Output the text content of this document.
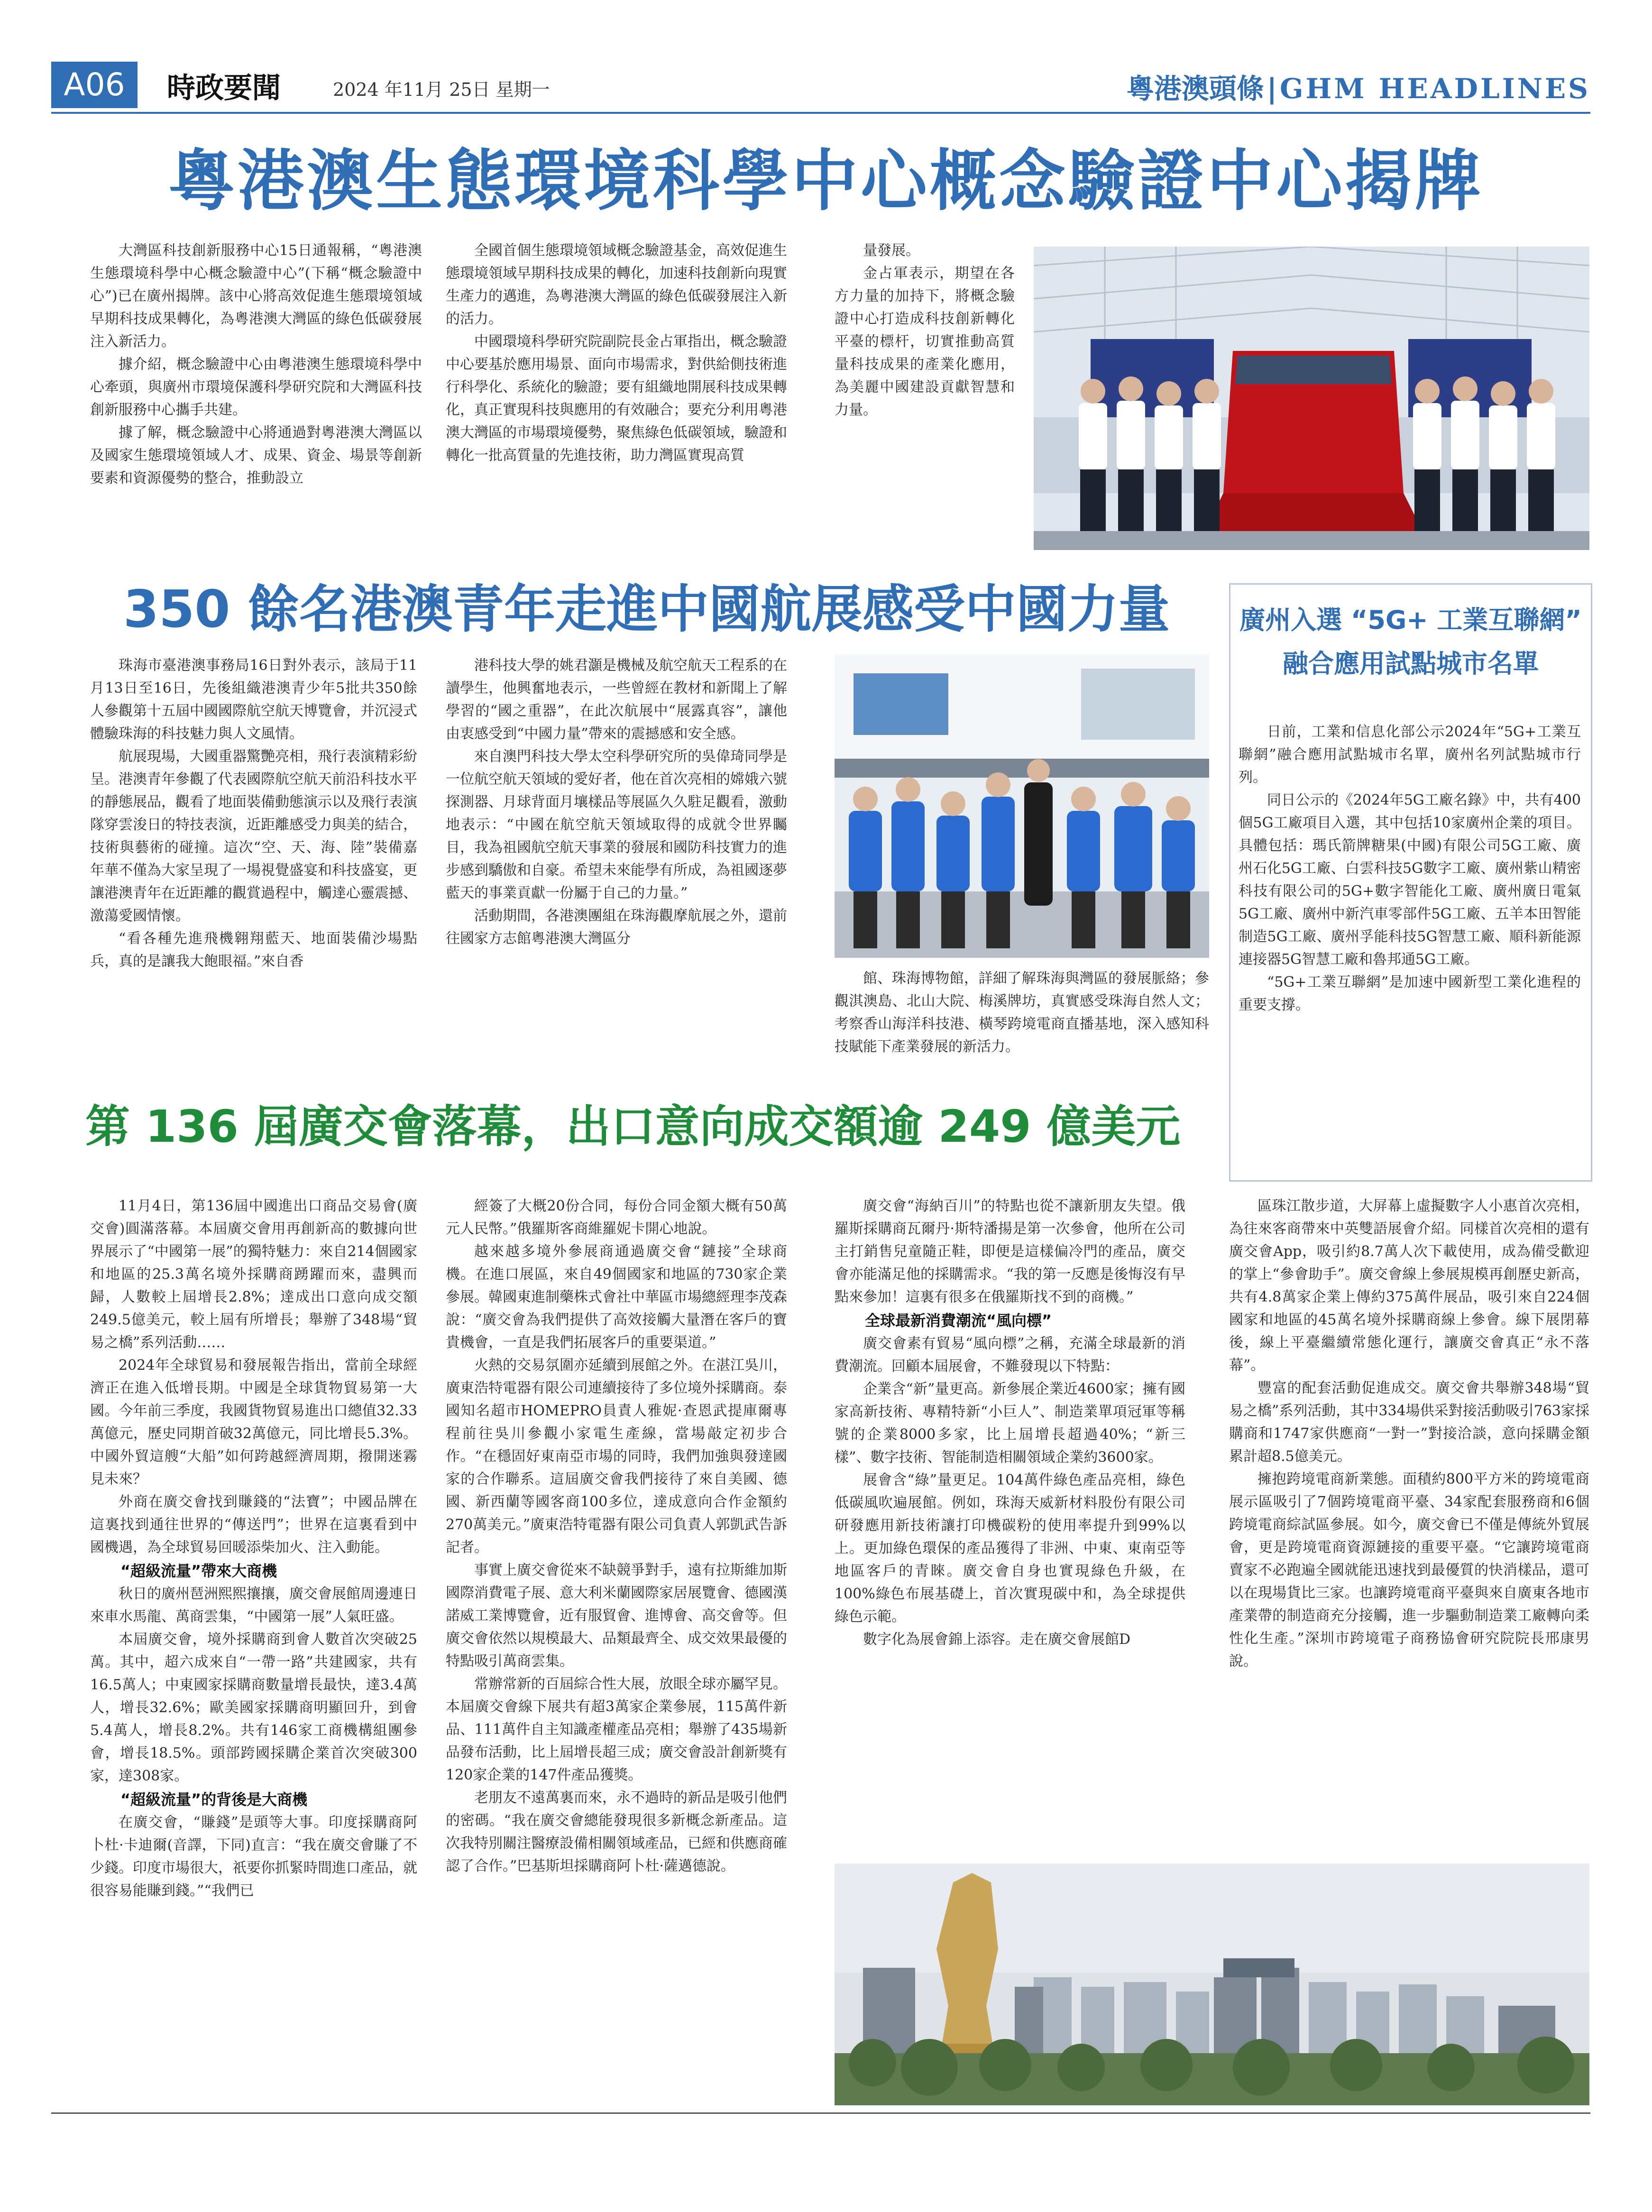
A06	時政要聞	2024 年11月 25日 星期一	粵港澳頭條 | GHM HEADLINES
粵港澳生態環境科學中心概念驗證中心揭牌

大灣區科技創新服務中心15日通報稱，“粵港澳生態環境科學中心概念驗證中心”(下稱“概念驗證中心”)已在廣州揭牌。該中心將高效促進生態環境領域早期科技成果轉化，為粵港澳大灣區的綠色低碳發展注入新活力。

據介紹，概念驗證中心由粵港澳生態環境科學中心牽頭，與廣州市環境保護科學研究院和大灣區科技創新服務中心攜手共建。

據了解，概念驗證中心將通過對粵港澳大灣區以及國家生態環境領域人才、成果、資金、場景等創新要素和資源優勢的整合，推動設立

全國首個生態環境領域概念驗證基金，高效促進生態環境領域早期科技成果的轉化，加速科技創新向現實生產力的邁進，為粵港澳大灣區的綠色低碳發展注入新的活力。

中國環境科學研究院副院長金占軍指出，概念驗證中心要基於應用場景、面向市場需求，對供給側技術進行科學化、系統化的驗證；要有組織地開展科技成果轉化，真正實現科技與應用的有效融合；要充分利用粵港澳大灣區的市場環境優勢，聚焦綠色低碳領域，驗證和轉化一批高質量的先進技術，助力灣區實現高質

量發展。

金占軍表示，期望在各方力量的加持下，將概念驗證中心打造成科技創新轉化平臺的標杆，切實推動高質量科技成果的產業化應用，為美麗中國建設貢獻智慧和力量。

350 餘名港澳青年走進中國航展感受中國力量

珠海市臺港澳事務局16日對外表示，該局于11月13日至16日，先後組織港澳青少年5批共350餘人參觀第十五屆中國國際航空航天博覽會，并沉浸式體驗珠海的科技魅力與人文風情。

航展現場，大國重器驚艷亮相，飛行表演精彩紛呈。港澳青年參觀了代表國際航空航天前沿科技水平的靜態展品，觀看了地面裝備動態演示以及飛行表演隊穿雲浚日的特技表演，近距離感受力與美的結合，技術與藝術的碰撞。這次“空、天、海、陸”裝備嘉年華不僅為大家呈現了一場視覺盛宴和科技盛宴，更讓港澳青年在近距離的觀賞過程中，觸達心靈震撼、激蕩愛國情懷。

“看各種先進飛機翱翔藍天、地面裝備沙場點兵，真的是讓我大飽眼福。”來自香

港科技大學的姚君灝是機械及航空航天工程系的在讀學生，他興奮地表示，一些曾經在教材和新聞上了解學習的“國之重器”，在此次航展中“展露真容”，讓他由衷感受到“中國力量”帶來的震撼感和安全感。

來自澳門科技大學太空科學研究所的吳偉琦同學是一位航空航天領域的愛好者，他在首次亮相的嫦娥六號探測器、月球背面月壤樣品等展區久久駐足觀看，激動地表示：“中國在航空航天領域取得的成就令世界矚目，我為祖國航空航天事業的發展和國防科技實力的進步感到驕傲和自豪。希望未來能學有所成，為祖國逐夢藍天的事業貢獻一份屬于自己的力量。”

活動期間，各港澳團組在珠海觀摩航展之外，還前往國家方志館粵港澳大灣區分

館、珠海博物館，詳細了解珠海與灣區的發展脈絡；參觀淇澳島、北山大院、梅溪牌坊，真實感受珠海自然人文；考察香山海洋科技港、橫琴跨境電商直播基地，深入感知科技賦能下產業發展的新活力。

廣州入選 “5G+ 工業互聯網”
融合應用試點城市名單

日前，工業和信息化部公示2024年“5G+工業互聯網”融合應用試點城市名單，廣州名列試點城市行列。

同日公示的《2024年5G工廠名錄》中，共有400個5G工廠項目入選，其中包括10家廣州企業的項目。具體包括：瑪氏箭牌糖果(中國)有限公司5G工廠、廣州石化5G工廠、白雲科技5G數字工廠、廣州紫山精密科技有限公司的5G+數字智能化工廠、廣州廣日電氣5G工廠、廣州中新汽車零部件5G工廠、五羊本田智能制造5G工廠、廣州孚能科技5G智慧工廠、順科新能源連接器5G智慧工廠和魯邦通5G工廠。

“5G+工業互聯網”是加速中國新型工業化進程的重要支撐。

第 136 屆廣交會落幕，出口意向成交額逾 249 億美元

11月4日，第136屆中國進出口商品交易會(廣交會)圓滿落幕。本屆廣交會用再創新高的數據向世界展示了“中國第一展”的獨特魅力：來自214個國家和地區的25.3萬名境外採購商踴躍而來，盡興而歸，人數較上屆增長2.8%；達成出口意向成交額249.5億美元，較上屆有所增長；舉辦了348場“貿易之橋”系列活動……

2024年全球貿易和發展報告指出，當前全球經濟正在進入低增長期。中國是全球貨物貿易第一大國。今年前三季度，我國貨物貿易進出口總值32.33萬億元，歷史同期首破32萬億元，同比增長5.3%。中國外貿這艘“大船”如何跨越經濟周期，撥開迷霧見未來？

外商在廣交會找到賺錢的“法寶”；中國品牌在這裏找到通往世界的“傳送門”；世界在這裏看到中國機遇，為全球貿易回暖添柴加火、注入動能。

“超級流量”帶來大商機

秋日的廣州琶洲熙熙攘攘，廣交會展館周邊連日來車水馬龍、萬商雲集，“中國第一展”人氣旺盛。

本屆廣交會，境外採購商到會人數首次突破25萬。其中，超六成來自“一帶一路”共建國家，共有16.5萬人；中東國家採購商數量增長最快，達3.4萬人，增長32.6%；歐美國家採購商明顯回升，到會5.4萬人，增長8.2%。共有146家工商機構組團參會，增長18.5%。頭部跨國採購企業首次突破300家，達308家。

“超級流量”的背後是大商機

在廣交會，“賺錢”是頭等大事。印度採購商阿卜杜·卡迪爾(音譯，下同)直言：“我在廣交會賺了不少錢。印度市場很大，祇要你抓緊時間進口產品，就很容易能賺到錢。”“我們已

經簽了大概20份合同，每份合同金額大概有50萬元人民幣。”俄羅斯客商維羅妮卡開心地說。

越來越多境外參展商通過廣交會“鏈接”全球商機。在進口展區，來自49個國家和地區的730家企業參展。韓國東進制藥株式會社中華區市場總經理李茂森說：“廣交會為我們提供了高效接觸大量潛在客戶的寶貴機會，一直是我們拓展客戶的重要渠道。”

火熱的交易氛圍亦延續到展館之外。在湛江吳川，廣東浩特電器有限公司連續接待了多位境外採購商。泰國知名超市HOMEPRO員責人雅妮·查恩武提庫爾專程前往吳川參觀小家電生產線，當場敲定初步合作。“在穩固好東南亞市場的同時，我們加強與發達國家的合作聯系。這屆廣交會我們接待了來自美國、德國、新西蘭等國客商100多位，達成意向合作金額約270萬美元。”廣東浩特電器有限公司負責人郭凱武告訴記者。

事實上廣交會從來不缺競爭對手，遠有拉斯維加斯國際消費電子展、意大利米蘭國際家居展覽會、德國漢諾威工業博覽會，近有服貿會、進博會、高交會等。但廣交會依然以規模最大、品類最齊全、成交效果最優的特點吸引萬商雲集。

常辦常新的百屆綜合性大展，放眼全球亦屬罕見。本屆廣交會線下展共有超3萬家企業參展，115萬件新品、111萬件自主知識產權產品亮相；舉辦了435場新品發布活動，比上屆增長超三成；廣交會設計創新獎有120家企業的147件產品獲獎。

老朋友不遠萬裏而來，永不過時的新品是吸引他們的密碼。“我在廣交會總能發現很多新概念新產品。這次我特別關注醫療設備相關領域產品，已經和供應商確認了合作。”巴基斯坦採購商阿卜杜·薩邁德說。

廣交會“海納百川”的特點也從不讓新朋友失望。俄羅斯採購商瓦爾丹·斯特潘揚是第一次參會，他所在公司主打銷售兒童隨正鞋，即便是這樣偏冷門的產品，廣交會亦能滿足他的採購需求。“我的第一反應是後悔沒有早點來參加！這裏有很多在俄羅斯找不到的商機。”

全球最新消費潮流“風向標”

廣交會素有貿易“風向標”之稱，充滿全球最新的消費潮流。回顧本屆展會，不難發現以下特點：

企業含“新”量更高。新參展企業近4600家；擁有國家高新技術、專精特新“小巨人”、制造業單項冠軍等稱號的企業8000多家，比上屆增長超過40%；“新三樣”、數字技術、智能制造相關領域企業約3600家。

展會含“綠”量更足。104萬件綠色產品亮相，綠色低碳風吹遍展館。例如，珠海天威新材料股份有限公司研發應用新技術讓打印機碳粉的使用率提升到99%以上。更加綠色環保的產品獲得了非洲、中東、東南亞等地區客戶的青睞。廣交會自身也實現綠色升級，在100%綠色布展基礎上，首次實現碳中和，為全球提供綠色示範。

數字化為展會錦上添容。走在廣交會展館D

區珠江散步道，大屏幕上虛擬數字人小惠首次亮相，為往來客商帶來中英雙語展會介紹。同樣首次亮相的還有廣交會App，吸引約8.7萬人次下載使用，成為備受歡迎的掌上“參會助手”。廣交會線上參展規模再創歷史新高，共有4.8萬家企業上傳約375萬件展品，吸引來自224個國家和地區的45萬名境外採購商線上參會。線下展閉幕後，線上平臺繼續常態化運行，讓廣交會真正“永不落幕”。

豐富的配套活動促進成交。廣交會共舉辦348場“貿易之橋”系列活動，其中334場供采對接活動吸引763家採購商和1747家供應商“一對一”對接洽談，意向採購金額累計超8.5億美元。

擁抱跨境電商新業態。面積約800平方米的跨境電商展示區吸引了7個跨境電商平臺、34家配套服務商和6個跨境電商綜試區參展。如今，廣交會已不僅是傳統外貿展會，更是跨境電商資源鏈接的重要平臺。“它讓跨境電商賣家不必跑遍全國就能迅速找到最優質的快消樣品，還可以在現場貨比三家。也讓跨境電商平臺與來自廣東各地市產業帶的制造商充分接觸，進一步驅動制造業工廠轉向柔性化生產。”深圳市跨境電子商務協會研究院院長邢康男說。
